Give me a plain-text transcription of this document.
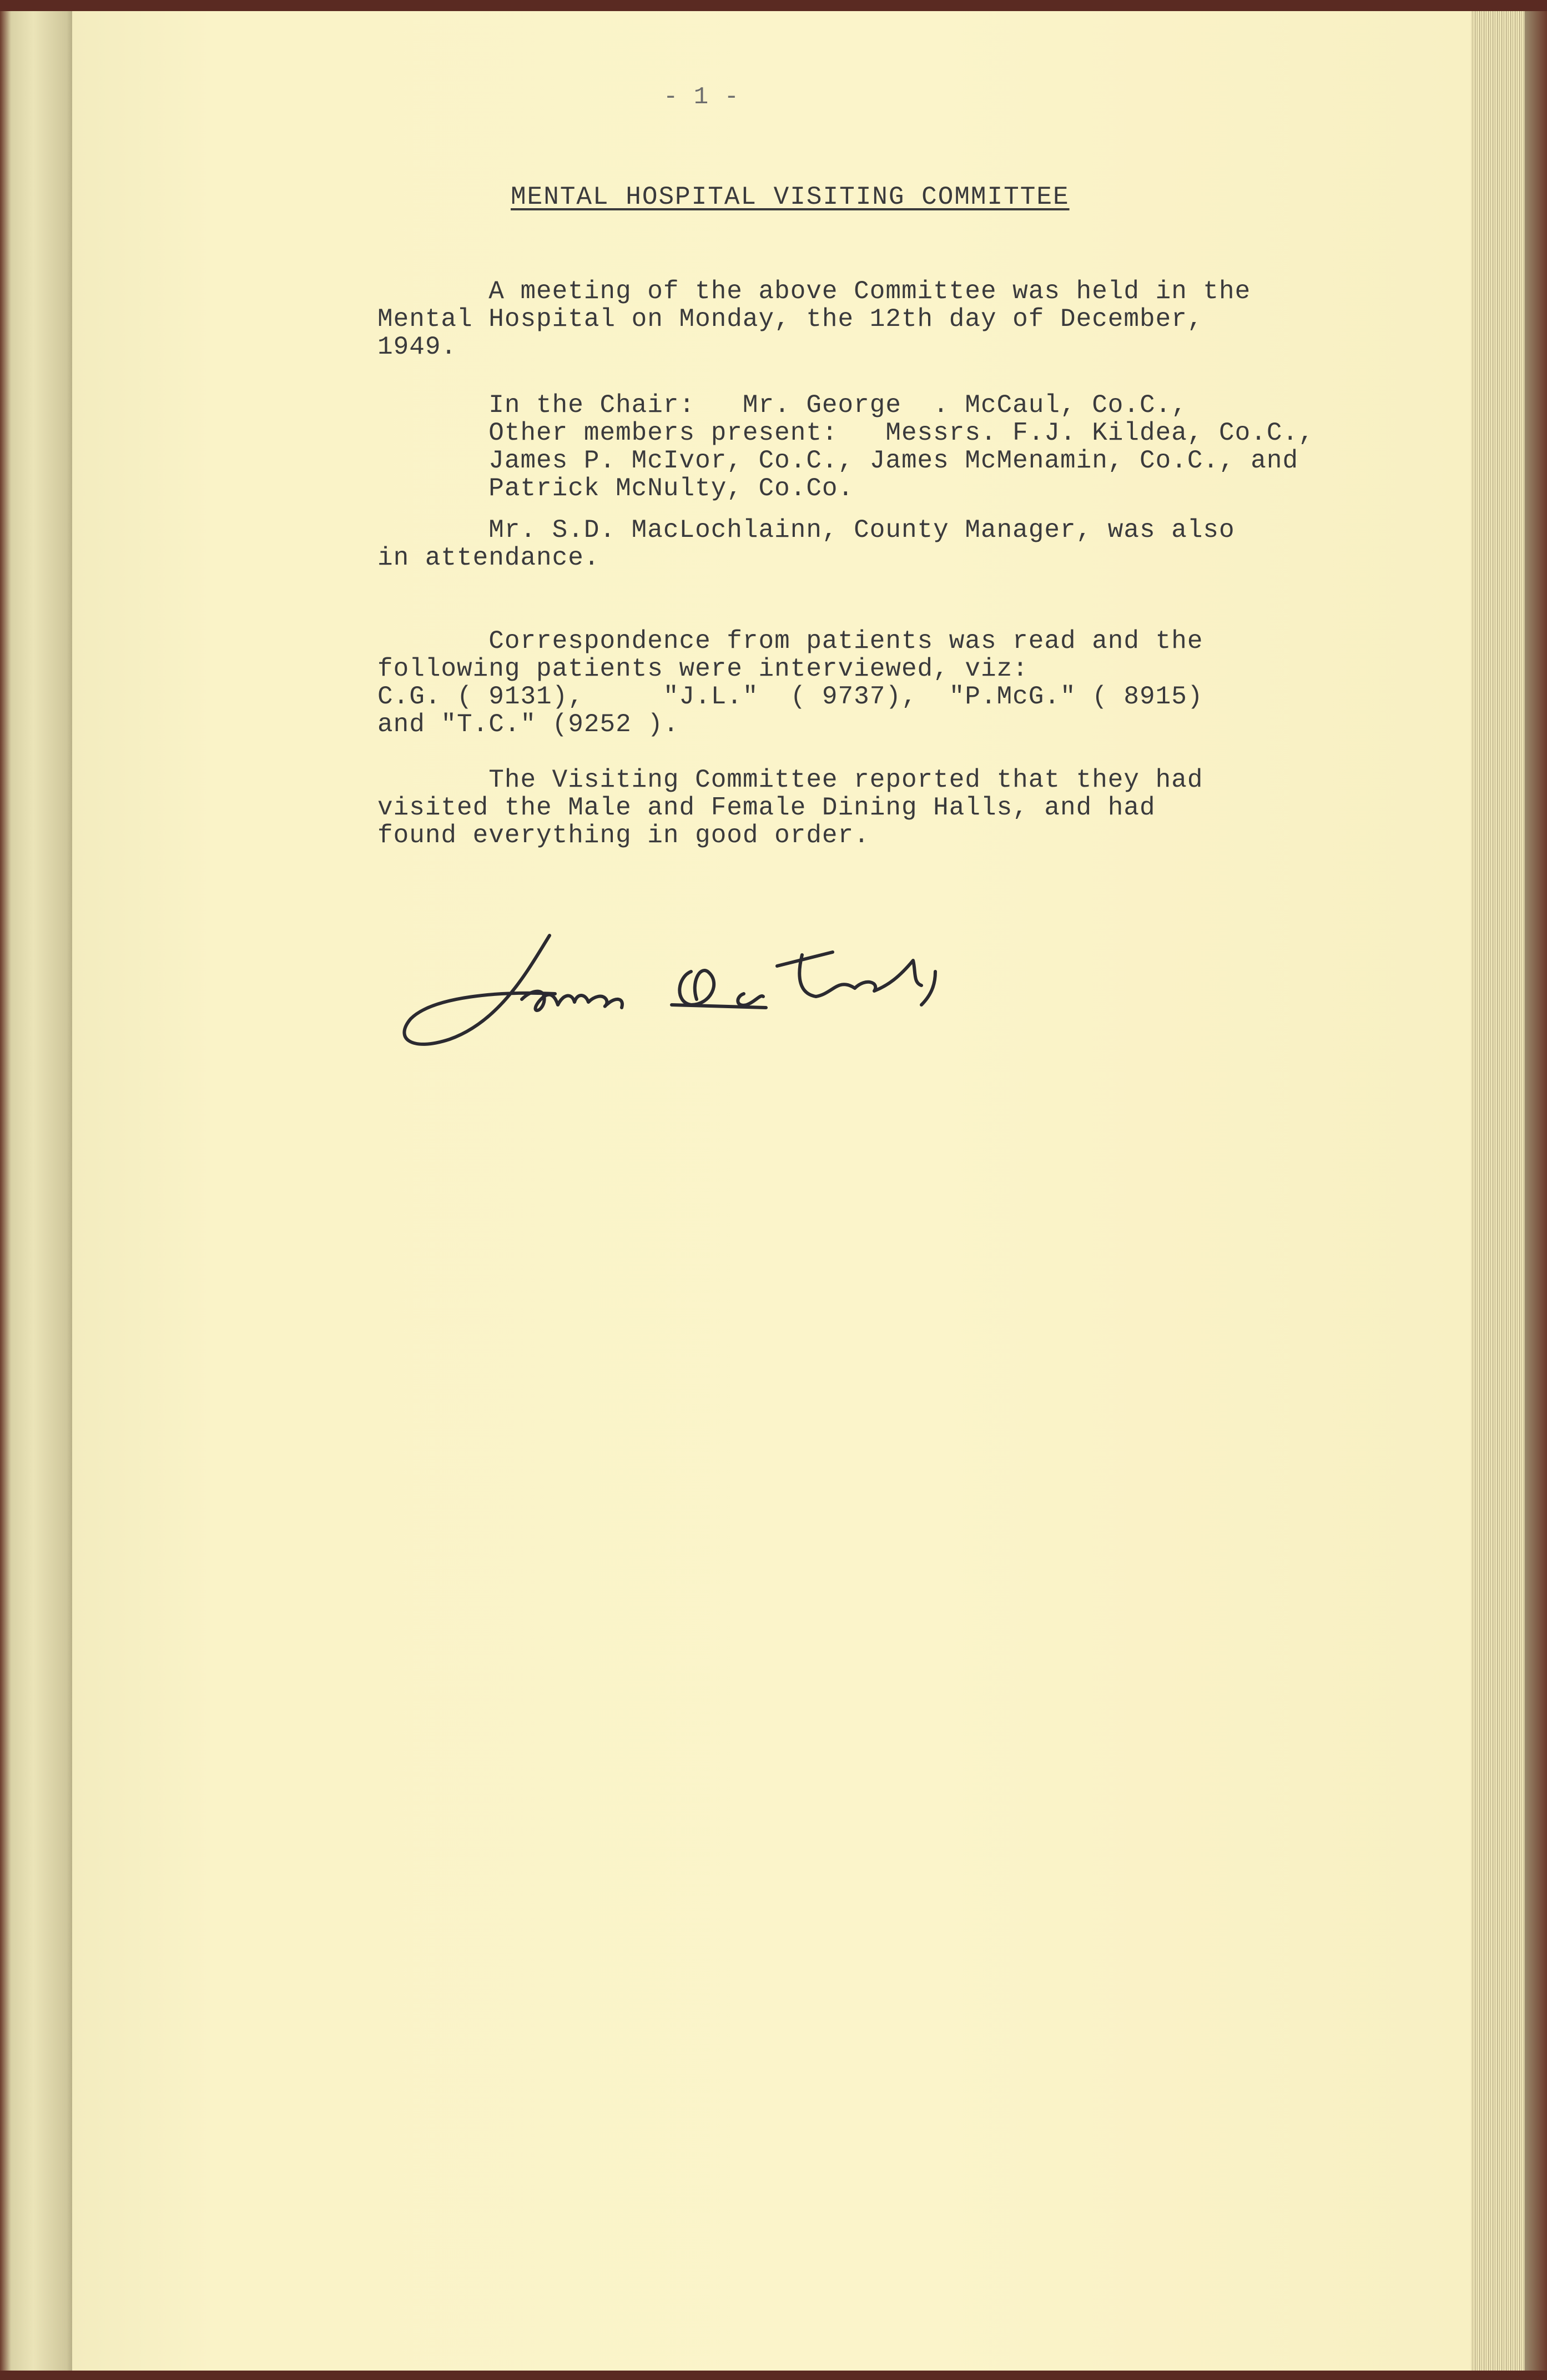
- 1 -

MENTAL HOSPITAL VISITING COMMITTEE

A meeting of the above Committee was held in the

Mental Hospital on Monday, the 12th day of December,

1949.

In the Chair:   Mr. George  . McCaul, Co.C.,

Other members present:   Messrs. F.J. Kildea, Co.C.,

James P. McIvor, Co.C., James McMenamin, Co.C., and

Patrick McNulty, Co.Co.

Mr. S.D. MacLochlainn, County Manager, was also

in attendance.

Correspondence from patients was read and the

following patients were interviewed, viz:

C.G. ( 9131),     "J.L."  ( 9737),  "P.McG." ( 8915)

and "T.C." (9252 ).

The Visiting Committee reported that they had

visited the Male and Female Dining Halls, and had

found everything in good order.
